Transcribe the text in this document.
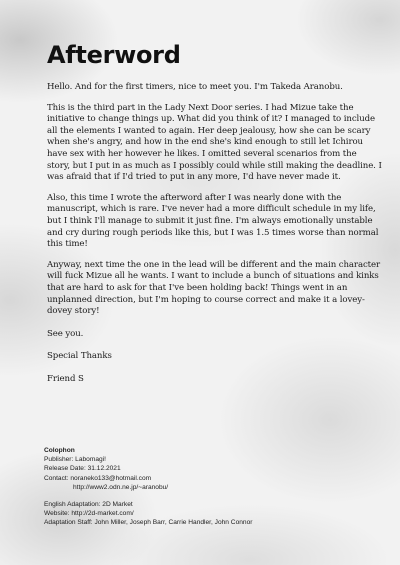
Afterword

Hello. And for the first timers, nice to meet you. I'm Takeda Aranobu.

This is the third part in the Lady Next Door series. I had Mizue take the initiative to change things up. What did you think of it? I managed to include all the elements I wanted to again. Her deep jealousy, how she can be scary when she's angry, and how in the end she's kind enough to still let Ichirou have sex with her however he likes. I omitted several scenarios from the story, but I put in as much as I possibly could while still making the deadline. I was afraid that if I'd tried to put in any more, I'd have never made it.

Also, this time I wrote the afterword after I was nearly done with the manuscript, which is rare. I've never had a more difficult schedule in my life, but I think I'll manage to submit it just fine. I'm always emotionally unstable and cry during rough periods like this, but I was 1.5 times worse than normal this time!

Anyway, next time the one in the lead will be different and the main character will fuck Mizue all he wants. I want to include a bunch of situations and kinks that are hard to ask for that I've been holding back! Things went in an unplanned direction, but I'm hoping to course correct and make it a lovey-dovey story!

See you.

Special Thanks

Friend S

Colophon

Publisher: Labomagi!

Release Date: 31.12.2021

Contact: noraneko133@hotmail.com

http://www2.odn.ne.jp/~aranobu/

English Adaptation: 2D Market

Website: http://2d-market.com/

Adaptation Staff: John Miller, Joseph Barr, Carrie Handler, John Connor
